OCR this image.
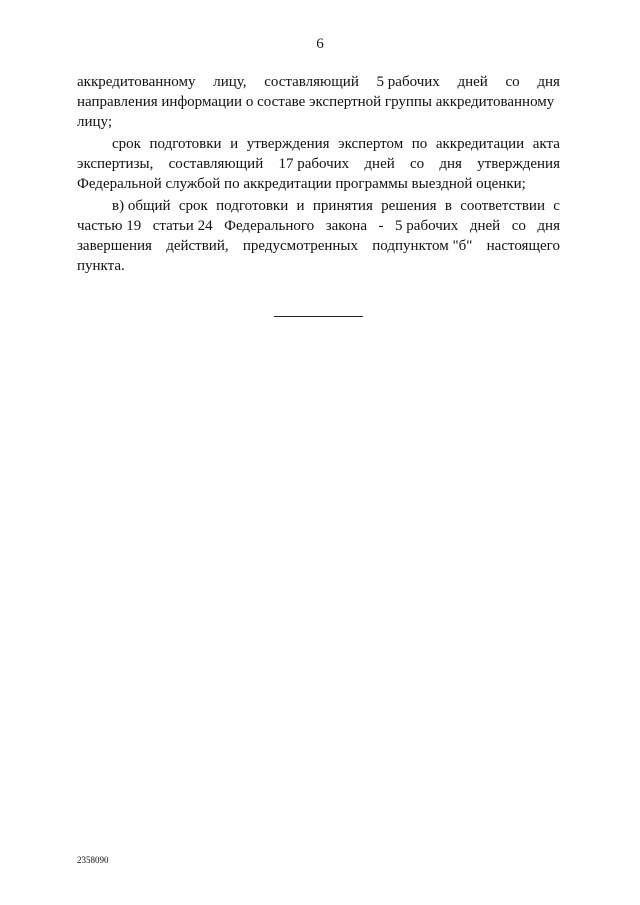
6
аккредитованному лицу, составляющий 5 рабочих дней со дня
направления информации о составе экспертной группы аккредитованному
лицу;
срок подготовки и утверждения экспертом по аккредитации акта
экспертизы, составляющий 17 рабочих дней со дня утверждения
Федеральной службой по аккредитации программы выездной оценки;
в) общий срок подготовки и принятия решения в соответствии с
частью 19 статьи 24 Федерального закона - 5 рабочих дней со дня
завершения действий, предусмотренных подпунктом "б" настоящего
пункта.
2358090
